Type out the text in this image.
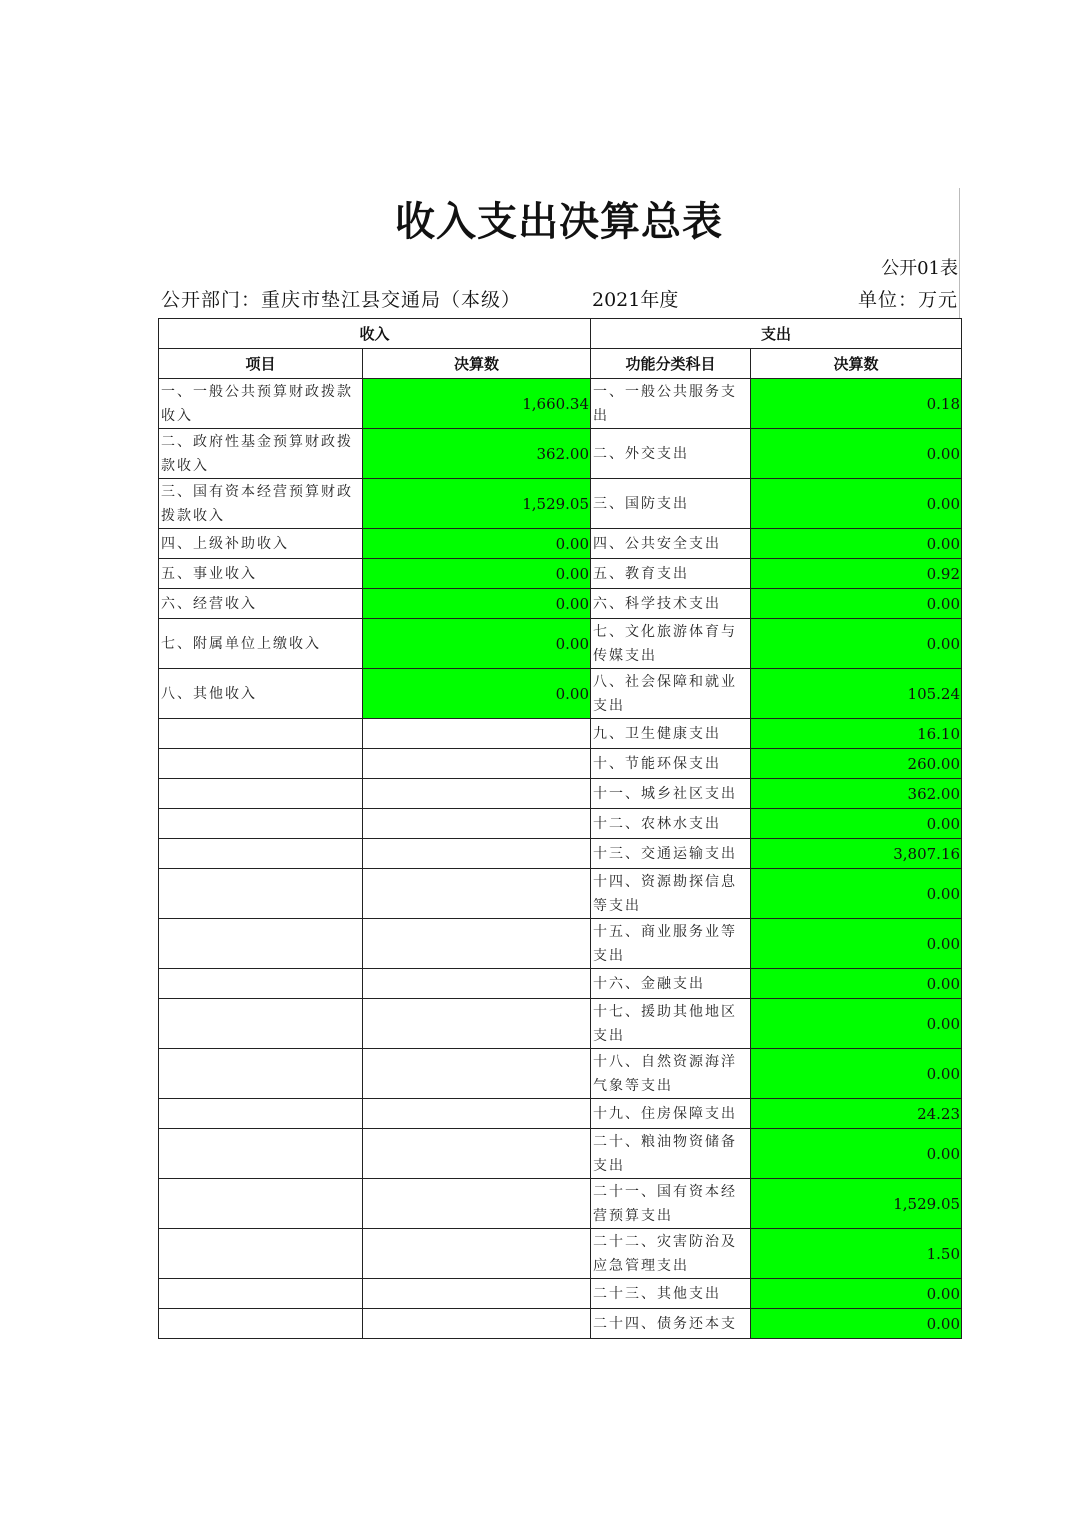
收入支出决算总表
公开01表
公开部门：重庆市垫江县交通局（本级）	2021年度	单位：万元
收入		支出	
项目	决算数	功能分类科目	决算数
一、一般公共预算财政拨款收入	1,660.34	一、一般公共服务支出	0.18
二、政府性基金预算财政拨款收入	362.00	二、外交支出	0.00
三、国有资本经营预算财政拨款收入	1,529.05	三、国防支出	0.00
四、上级补助收入	0.00	四、公共安全支出	0.00
五、事业收入	0.00	五、教育支出	0.92
六、经营收入	0.00	六、科学技术支出	0.00
七、附属单位上缴收入	0.00	七、文化旅游体育与传媒支出	0.00
八、其他收入	0.00	八、社会保障和就业支出	105.24
		九、卫生健康支出	16.10
		十、节能环保支出	260.00
		十一、城乡社区支出	362.00
		十二、农林水支出	0.00
		十三、交通运输支出	3,807.16
		十四、资源勘探信息等支出	0.00
		十五、商业服务业等支出	0.00
		十六、金融支出	0.00
		十七、援助其他地区支出	0.00
		十八、自然资源海洋气象等支出	0.00
		十九、住房保障支出	24.23
		二十、粮油物资储备支出	0.00
		二十一、国有资本经营预算支出	1,529.05
		二十二、灾害防治及应急管理支出	1.50
		二十三、其他支出	0.00
		二十四、债务还本支	0.00
